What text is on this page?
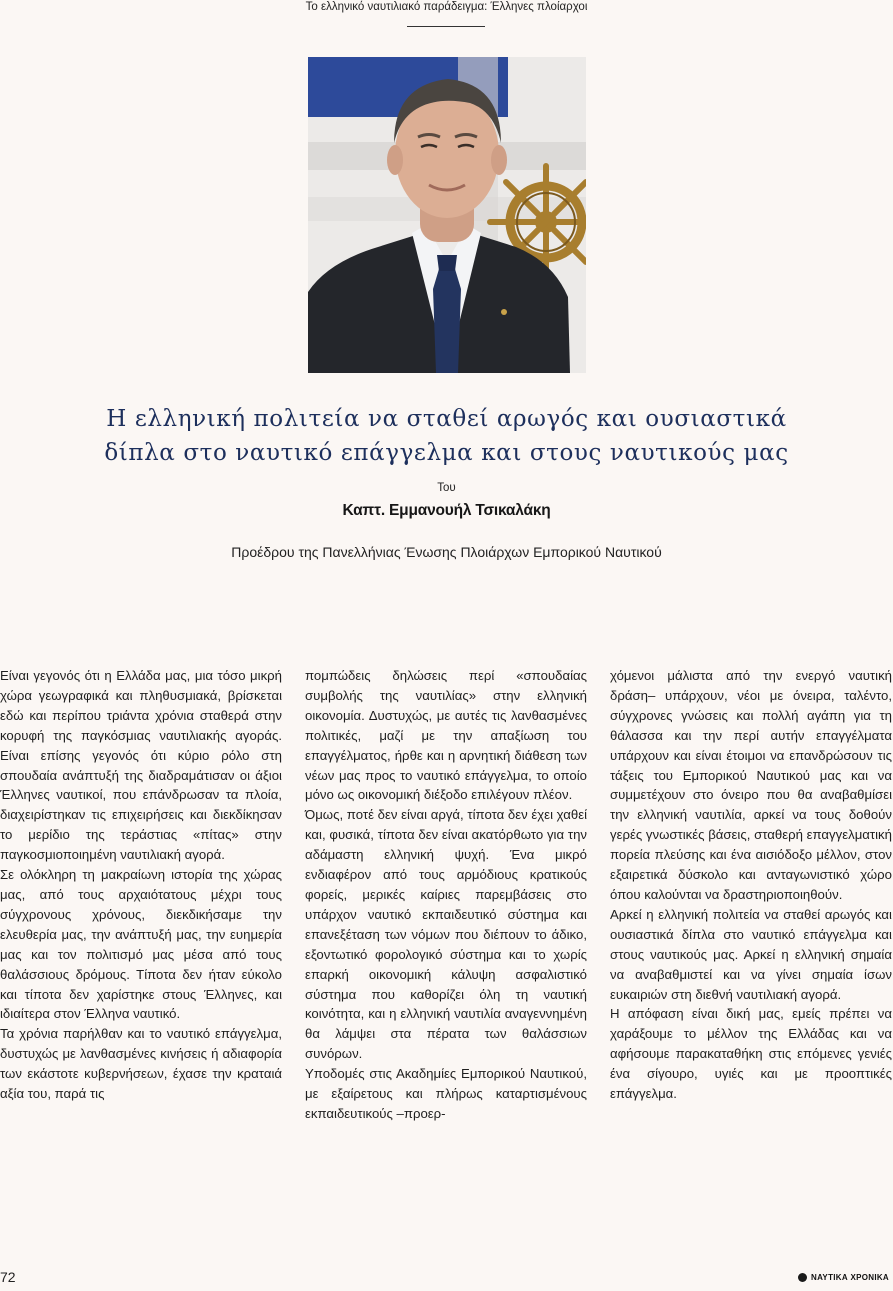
Το ελληνικό ναυτιλιακό παράδειγμα: Έλληνες πλοίαρχοι
Η ελληνική πολιτεία να σταθεί αρωγός και ουσιαστικά
δίπλα στο ναυτικό επάγγελμα και στους ναυτικούς μας
Του
Καπτ. Εμμανουήλ Τσικαλάκη
Προέδρου της Πανελλήνιας Ένωσης Πλοιάρχων Εμπορικού Ναυτικού

Είναι γεγονός ότι η Ελλάδα μας, μια τόσο μικρή χώρα γεωγραφικά και πληθυσμιακά, βρίσκεται εδώ και περίπου τριάντα χρόνια σταθερά στην κορυφή της παγκόσμιας ναυτιλιακής αγοράς. Είναι επίσης γεγονός ότι κύριο ρόλο στη σπουδαία ανάπτυξή της διαδραμάτισαν οι άξιοι Έλληνες ναυτικοί, που επάνδρωσαν τα πλοία, διαχειρίστηκαν τις επιχειρήσεις και διεκδίκησαν το μερίδιο της τεράστιας «πίτας» στην παγκοσμιοποιημένη ναυτιλιακή αγορά.

Σε ολόκληρη τη μακραίωνη ιστορία της χώρας μας, από τους αρχαιότατους μέχρι τους σύγχρονους χρόνους, διεκδικήσαμε την ελευθερία μας, την ανάπτυξή μας, την ευημερία μας και τον πολιτισμό μας μέσα από τους θαλάσσιους δρόμους. Τίποτα δεν ήταν εύκολο και τίποτα δεν χαρίστηκε στους Έλληνες, και ιδιαίτερα στον Έλληνα ναυτικό.

Τα χρόνια παρήλθαν και το ναυτικό επάγγελμα, δυστυχώς με λανθασμένες κινήσεις ή αδιαφορία των εκάστοτε κυβερνήσεων, έχασε την κραταιά αξία του, παρά τις

πομπώδεις δηλώσεις περί «σπουδαίας συμβολής της ναυτιλίας» στην ελληνική οικονομία. Δυστυχώς, με αυτές τις λανθασμένες πολιτικές, μαζί με την απαξίωση του επαγγέλματος, ήρθε και η αρνητική διάθεση των νέων μας προς το ναυτικό επάγγελμα, το οποίο μόνο ως οικονομική διέξοδο επιλέγουν πλέον.

Όμως, ποτέ δεν είναι αργά, τίποτα δεν έχει χαθεί και, φυσικά, τίποτα δεν είναι ακατόρθωτο για την αδάμαστη ελληνική ψυχή. Ένα μικρό ενδιαφέρον από τους αρμόδιους κρατικούς φορείς, μερικές καίριες παρεμβάσεις στο υπάρχον ναυτικό εκπαιδευτικό σύστημα και επανεξέταση των νόμων που διέπουν το άδικο, εξοντωτικό φορολογικό σύστημα και το χωρίς επαρκή οικονομική κάλυψη ασφαλιστικό σύστημα που καθορίζει όλη τη ναυτική κοινότητα, και η ελληνική ναυτιλία αναγεννημένη θα λάμψει στα πέρατα των θαλάσσιων συνόρων.

Υποδομές στις Ακαδημίες Εμπορικού Ναυτικού, με εξαίρετους και πλήρως καταρτισμένους εκπαιδευτικούς –προερ-

χόμενοι μάλιστα από την ενεργό ναυτική δράση– υπάρχουν, νέοι με όνειρα, ταλέντο, σύγχρονες γνώσεις και πολλή αγάπη για τη θάλασσα και την περί αυτήν επαγγέλματα υπάρχουν και είναι έτοιμοι να επανδρώσουν τις τάξεις του Εμπορικού Ναυτικού μας και να συμμετέχουν στο όνειρο που θα αναβαθμίσει την ελληνική ναυτιλία, αρκεί να τους δοθούν γερές γνωστικές βάσεις, σταθερή επαγγελματική πορεία πλεύσης και ένα αισιόδοξο μέλλον, στον εξαιρετικά δύσκολο και ανταγωνιστικό χώρο όπου καλούνται να δραστηριοποιηθούν.

Αρκεί η ελληνική πολιτεία να σταθεί αρωγός και ουσιαστικά δίπλα στο ναυτικό επάγγελμα και στους ναυτικούς μας. Αρκεί η ελληνική σημαία να αναβαθμιστεί και να γίνει σημαία ίσων ευκαιριών στη διεθνή ναυτιλιακή αγορά.

Η απόφαση είναι δική μας, εμείς πρέπει να χαράξουμε το μέλλον της Ελλάδας και να αφήσουμε παρακαταθήκη στις επόμενες γενιές ένα σίγουρο, υγιές και με προοπτικές επάγγελμα.

72	ΝΑΥΤΙΚΑ ΧΡΟΝΙΚΑ
